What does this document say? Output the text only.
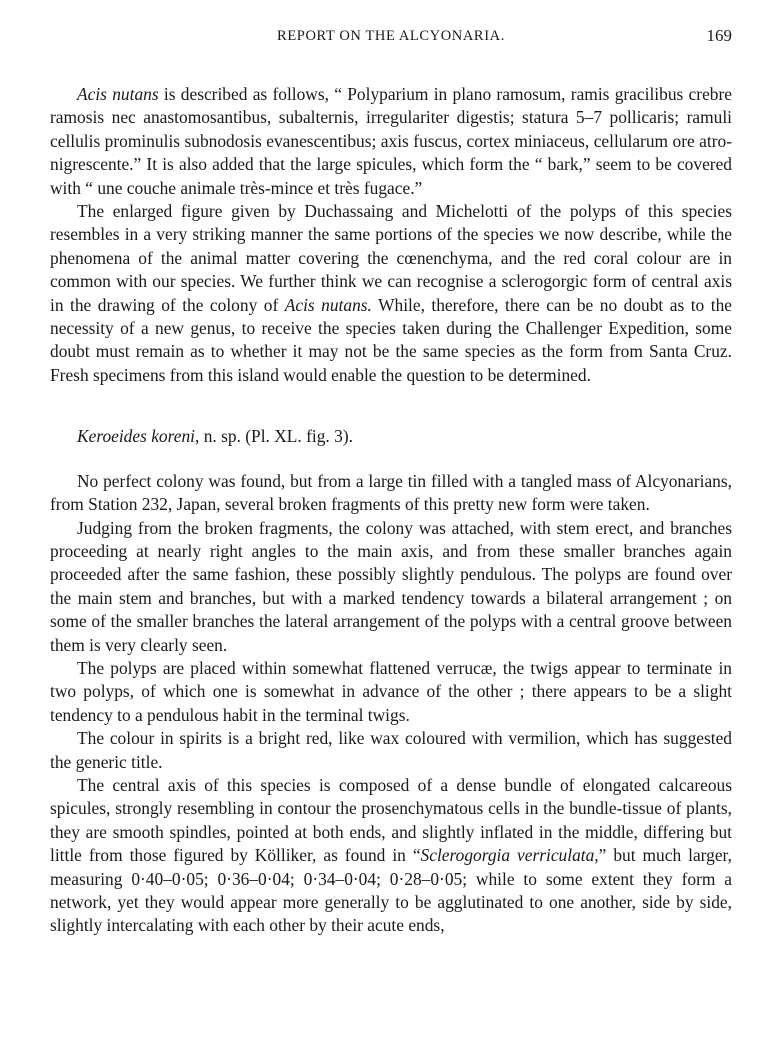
REPORT ON THE ALCYONARIA.	169

Acis nutans is described as follows, “ Polyparium in plano ramosum, ramis gracilibus crebre ramosis nec anastomosantibus, subalternis, irregulariter digestis; statura 5–7 pollicaris; ramuli cellulis prominulis subnodosis evanescentibus; axis fuscus, cortex miniaceus, cellularum ore atro-nigrescente.” It is also added that the large spicules, which form the “ bark,” seem to be covered with “ une couche animale très-mince et très fugace.”

The enlarged figure given by Duchassaing and Michelotti of the polyps of this species resembles in a very striking manner the same portions of the species we now describe, while the phenomena of the animal matter covering the cœnenchyma, and the red coral colour are in common with our species. We further think we can recognise a sclerogorgic form of central axis in the drawing of the colony of Acis nutans. While, therefore, there can be no doubt as to the necessity of a new genus, to receive the species taken during the Challenger Expedition, some doubt must remain as to whether it may not be the same species as the form from Santa Cruz. Fresh specimens from this island would enable the question to be determined.

Keroeides koreni, n. sp. (Pl. XL. fig. 3).

No perfect colony was found, but from a large tin filled with a tangled mass of Alcyonarians, from Station 232, Japan, several broken fragments of this pretty new form were taken.

Judging from the broken fragments, the colony was attached, with stem erect, and branches proceeding at nearly right angles to the main axis, and from these smaller branches again proceeded after the same fashion, these possibly slightly pendulous. The polyps are found over the main stem and branches, but with a marked tendency towards a bilateral arrangement ; on some of the smaller branches the lateral arrangement of the polyps with a central groove between them is very clearly seen.

The polyps are placed within somewhat flattened verrucæ, the twigs appear to terminate in two polyps, of which one is somewhat in advance of the other ; there appears to be a slight tendency to a pendulous habit in the terminal twigs.

The colour in spirits is a bright red, like wax coloured with vermilion, which has suggested the generic title.

The central axis of this species is composed of a dense bundle of elongated calcareous spicules, strongly resembling in contour the prosenchymatous cells in the bundle-tissue of plants, they are smooth spindles, pointed at both ends, and slightly inflated in the middle, differing but little from those figured by Kölliker, as found in “Sclerogorgia verriculata,” but much larger, measuring 0·40–0·05; 0·36–0·04; 0·34–0·04; 0·28–0·05; while to some extent they form a network, yet they would appear more generally to be agglutinated to one another, side by side, slightly intercalating with each other by their acute ends,
